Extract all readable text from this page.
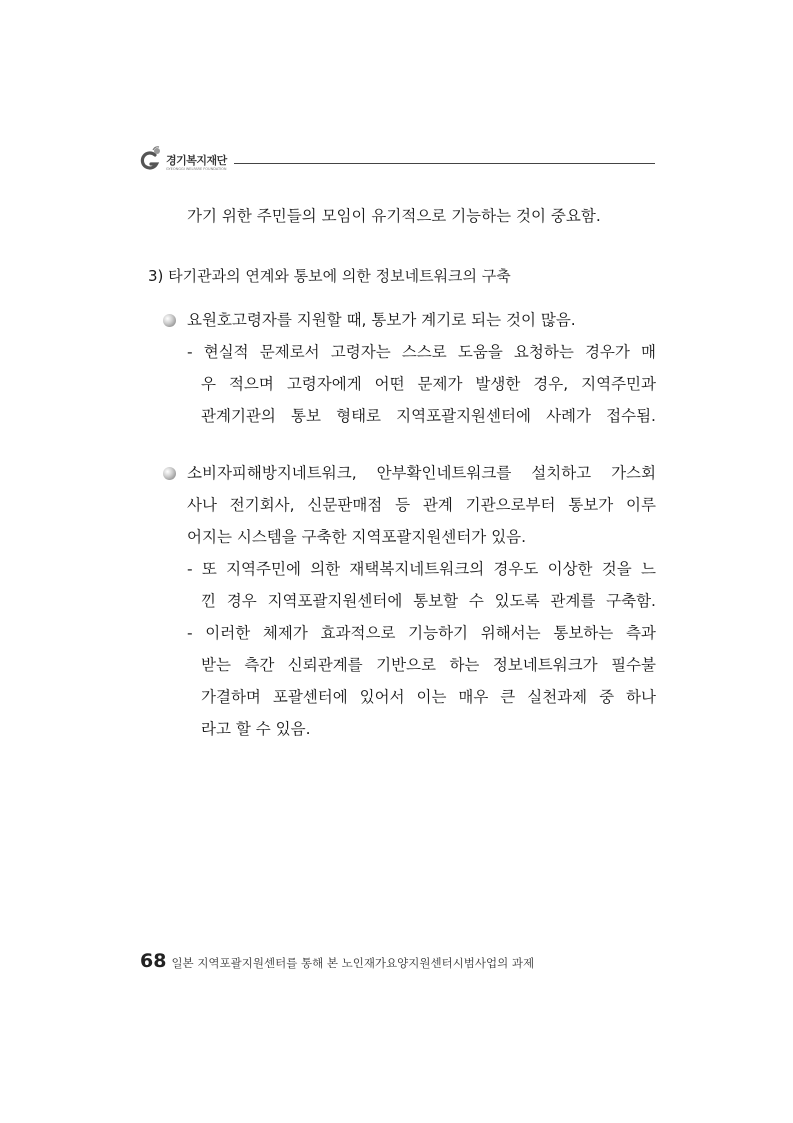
경기복지재단
GYEONGGI WELFARE FOUNDATION
가기 위한 주민들의 모임이 유기적으로 기능하는 것이 중요함.
3) 타기관과의 연계와 통보에 의한 정보네트워크의 구축
요원호고령자를 지원할 때, 통보가 계기로 되는 것이 많음.
- 현실적 문제로서 고령자는 스스로 도움을 요청하는 경우가 매
우 적으며 고령자에게 어떤 문제가 발생한 경우, 지역주민과
관계기관의 통보 형태로 지역포괄지원센터에 사례가 접수됨.
소비자피해방지네트워크, 안부확인네트워크를 설치하고 가스회
사나 전기회사, 신문판매점 등 관계 기관으로부터 통보가 이루
어지는 시스템을 구축한 지역포괄지원센터가 있음.
- 또 지역주민에 의한 재택복지네트워크의 경우도 이상한 것을 느
낀 경우 지역포괄지원센터에 통보할 수 있도록 관계를 구축함.
- 이러한 체제가 효과적으로 기능하기 위해서는 통보하는 측과
받는 측간 신뢰관계를 기반으로 하는 정보네트워크가 필수불
가결하며 포괄센터에 있어서 이는 매우 큰 실천과제 중 하나
라고 할 수 있음.
68 일본 지역포괄지원센터를 통해 본 노인재가요양지원센터시범사업의 과제
